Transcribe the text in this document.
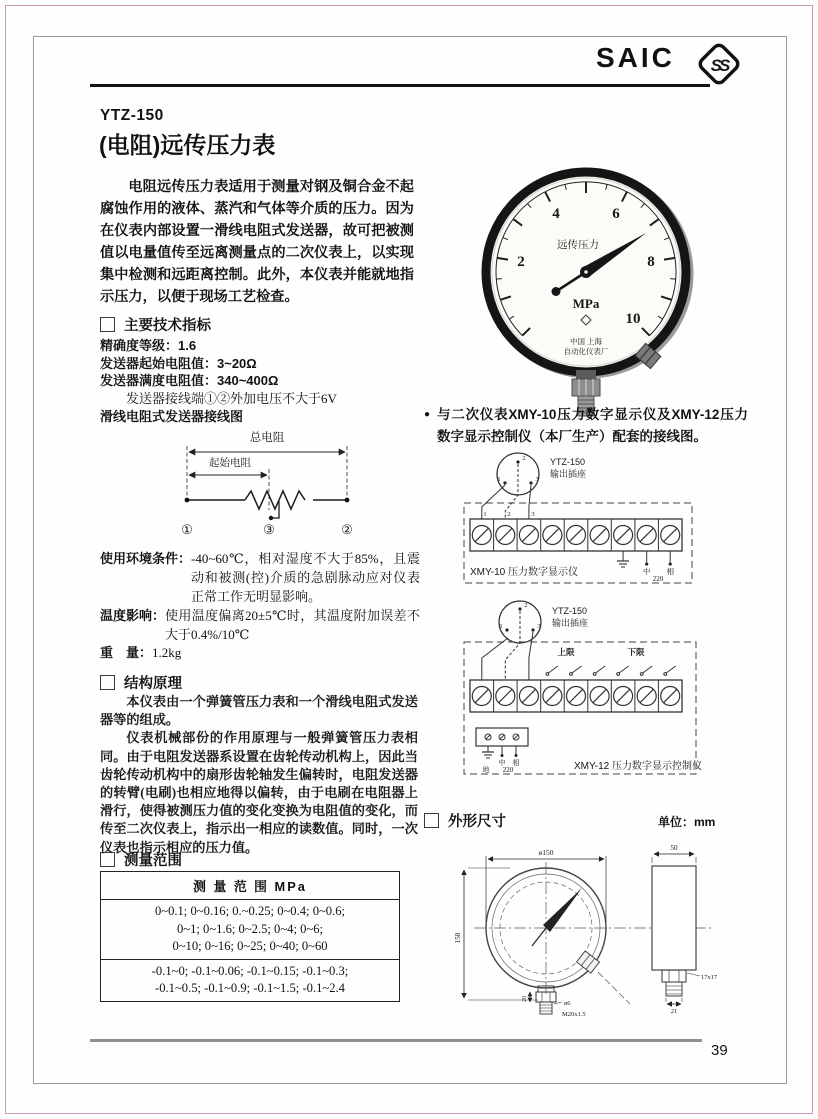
SAIC SS
YTZ-150
(电阻)远传压力表
电阻远传压力表适用于测量对钢及铜合金不起腐蚀作用的液体、蒸汽和气体等介质的压力。因为在仪表内部设置一滑线电阻式发送器，故可把被测值以电量值传至远离测量点的二次仪表上，以实现集中检测和远距离控制。此外，本仪表并能就地指示压力，以便于现场工艺检查。
主要技术指标
精确度等级：1.6
发送器起始电阻值：3~20Ω
发送器满度电阻值：340~400Ω
发送器接线端①②外加电压不大于6V
滑线电阻式发送器接线图
总电阻
起始电阻
①	③	②
使用环境条件： -40~60℃，相对湿度不大于85%，且震动和被测(控)介质的急剧脉动应对仪表正常工作无明显影响。
温度影响： 使用温度偏离20±5℃时，其温度附加误差不大于0.4%/10℃
重　量： 1.2kg
结构原理

本仪表由一个弹簧管压力表和一个滑线电阻式发送器等的组成。

仪表机械部份的作用原理与一般弹簧管压力表相同。由于电阻发送器系设置在齿轮传动机构上，因此当齿轮传动机构中的扇形齿轮轴发生偏转时，电阻发送器的转臂(电刷)也相应地得以偏转，由于电刷在电阻器上滑行，使得被测压力值的变化变换为电阻值的变化，而传至二次仪表上，指示出一相应的读数值。同时，一次仪表也指示相应的压力值。

测量范围
测 量 范 围 MPa
0~0.1; 0~0.16; 0.~0.25; 0~0.4; 0~0.6;
0~1; 0~1.6; 0~2.5; 0~4; 0~6;
0~10; 0~16; 0~25; 0~40; 0~60
-0.1~0; -0.1~0.06; -0.1~0.15; -0.1~0.3;
-0.1~0.5; -0.1~0.9; -0.1~1.5; -0.1~2.4
2
4	6
8
10
远传压力
MPa
中国 上海
自动化仪表厂
● 与二次仪表XMY-10压力数字显示仪及XMY-12压力数字显示控制仪（本厂生产）配套的接线图。
1
2
3
YTZ-150
输出插座
1	2	3
中 相
220
XMY-10 压力数字显示仪
2
1	3
YTZ-150
输出插座
上限	下限
中 相
地 220	XMY-12 压力数字显示控制仪
外形尺寸	单位：mm
ø150
158
20
ø6
M20x1.5
50
17x17
21
39
